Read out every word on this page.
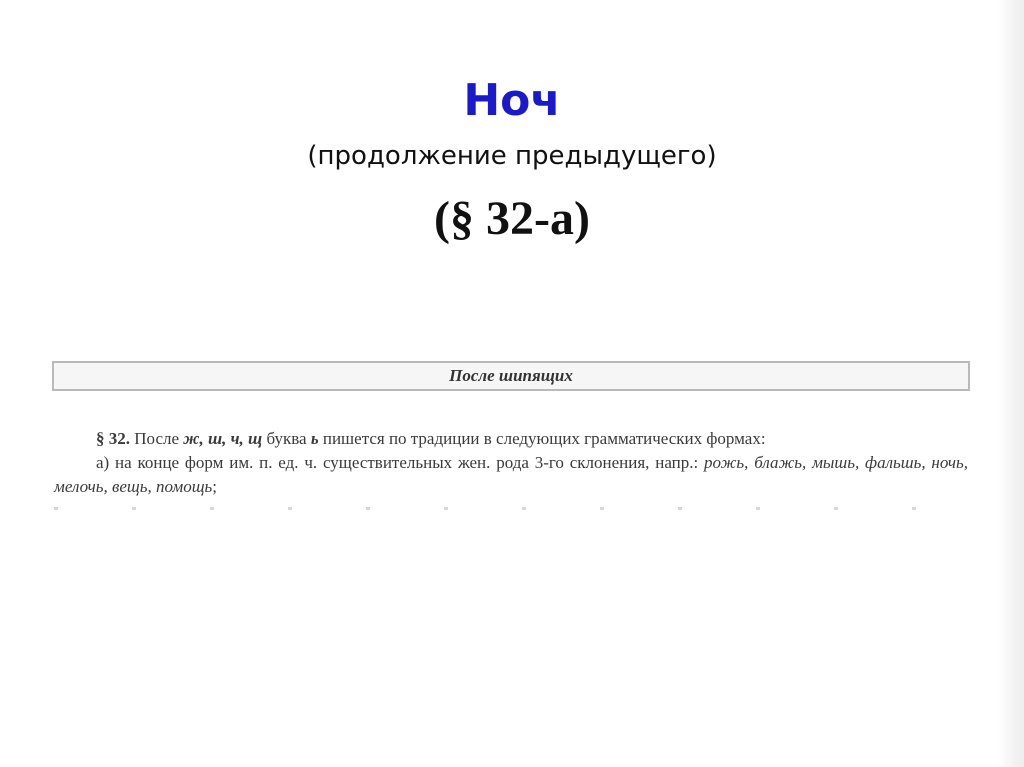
Ноч
(продолжение предыдущего)
(§ 32-а)
После шипящих

§ 32. После ж, ш, ч, щ буква ь пишется по традиции в следующих грамматических формах:

а) на конце форм им. п. ед. ч. существительных жен. рода 3-го склонения, напр.: рожь, блажь, мышь, фальшь, ночь, мелочь, вещь, помощь;
